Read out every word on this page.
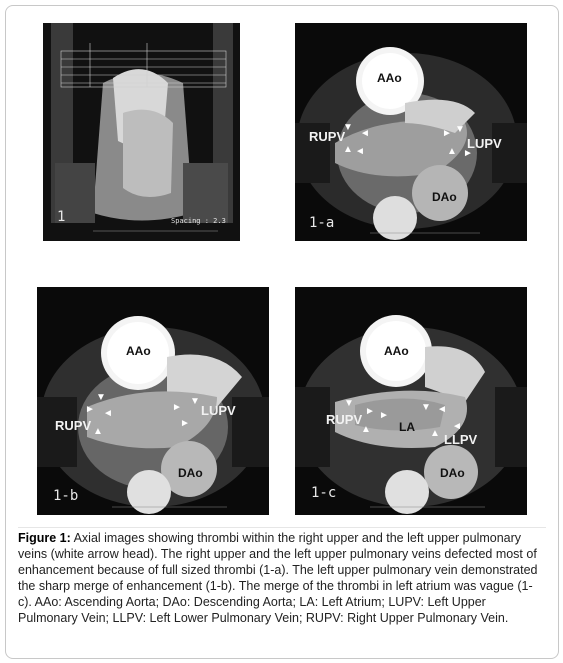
1	Spacing : 2.3
AAo
RUPV	LUPV
DAo
1-a
▼
◄
▲ ◄
► ▼
▲ ►
AAo
LUPV
RUPV
DAo
1-b
▼
► ◄
▲
►
▼
►
AAo
RUPV	LA
LLPV
DAo
1-c
▼
► ►
▲
▼ ◄
◄
▲
Figure 1: Axial images showing thrombi within the right upper and the left upper pulmonary veins (white arrow head). The right upper and the left upper pulmonary veins defected most of enhancement because of full sized thrombi (1-a). The left upper pulmonary vein demonstrated the sharp merge of enhancement (1-b). The merge of the thrombi in left atrium was vague (1-c). AAo: Ascending Aorta; DAo: Descending Aorta; LA: Left Atrium; LUPV: Left Upper Pulmonary Vein; LLPV: Left Lower Pulmonary Vein; RUPV: Right Upper Pulmonary Vein.
